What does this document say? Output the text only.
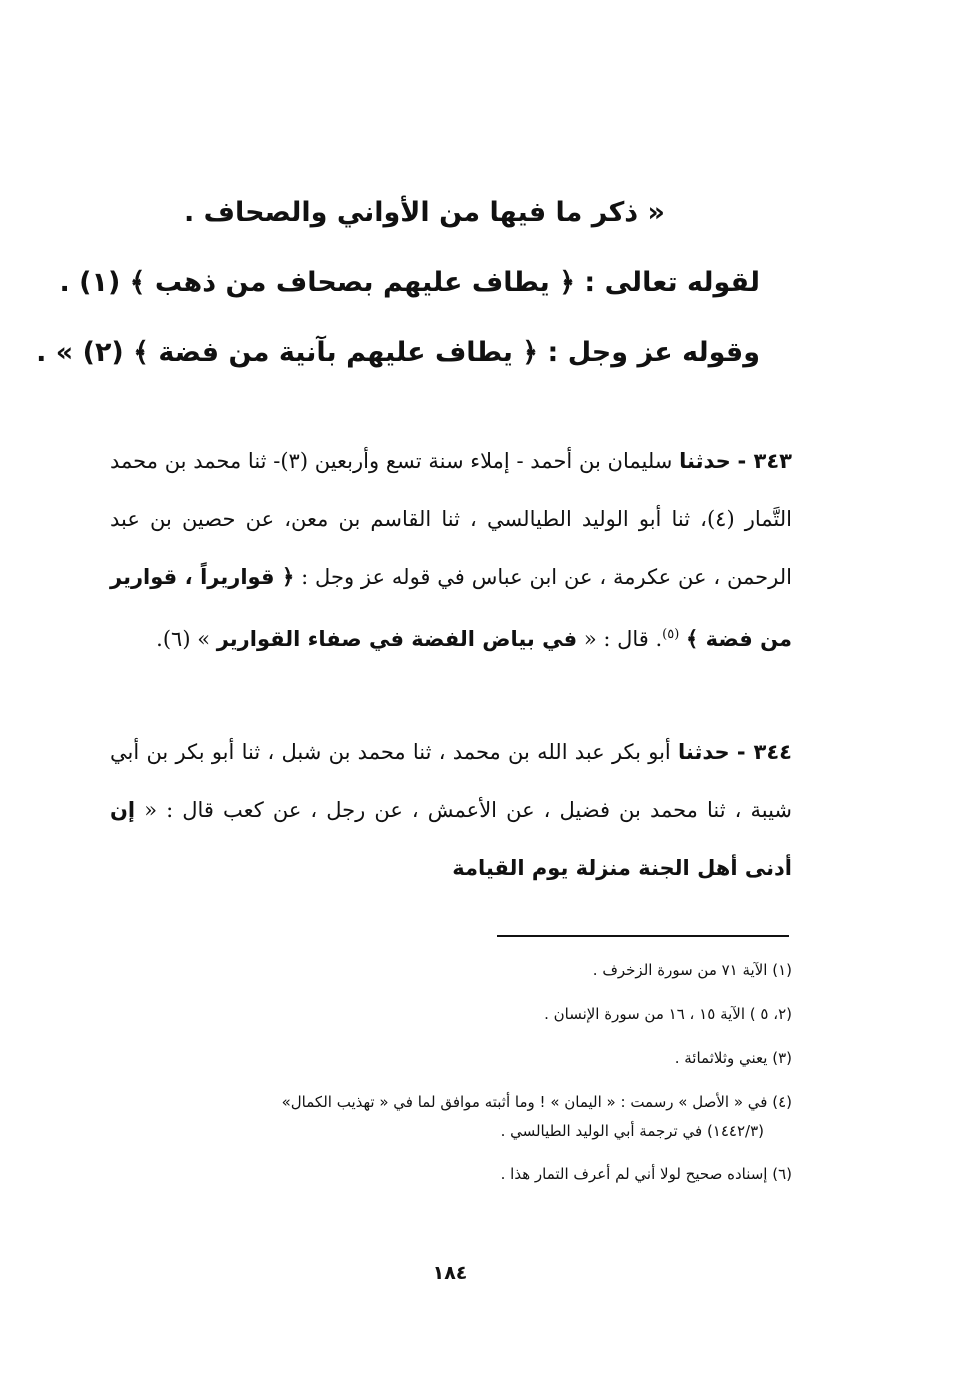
« ذكر ما فيها من الأواني والصحاف .
لقوله تعالى : ﴿ يطاف عليهم بصحاف من ذهب ﴾ (١) .
وقوله عز وجل : ﴿ يطاف عليهم بآنية من فضة ﴾ (٢) » .
٣٤٣ - حدثنا سليمان بن أحمد - إملاء سنة تسع وأربعين (٣)- ثنا محمد بن محمد التَّمار (٤)، ثنا أبو الوليد الطيالسي ، ثنا القاسم بن معن، عن حصين بن عبد الرحمن ، عن عكرمة ، عن ابن عباس في قوله عز وجل : ﴿ قواريراً ، قوارير من فضة ﴾ $^{(٥)}$. قال : « في بياض الفضة في صفاء القوارير » (٦).
٣٤٤ - حدثنا أبو بكر عبد الله بن محمد ، ثنا محمد بن شبل ، ثنا أبو بكر بن أبي شيبة ، ثنا محمد بن فضيل ، عن الأعمش ، عن رجل ، عن كعب قال : « إن أدنى أهل الجنة منزلة يوم القيامة
(١) الآية ٧١ من سورة الزخرف .
(٢، ٥ ) الآية ١٥ ، ١٦ من سورة الإنسان .
(٣) يعني وثلاثمائة .
(٤) في « الأصل » رسمت : « اليمان » ! وما أثبته موافق لما في « تهذيب الكمال»
(١٤٤٢/٣) في ترجمة أبي الوليد الطيالسي .
(٦) إسناده صحيح لولا أني لم أعرف التمار هذا .
١٨٤
